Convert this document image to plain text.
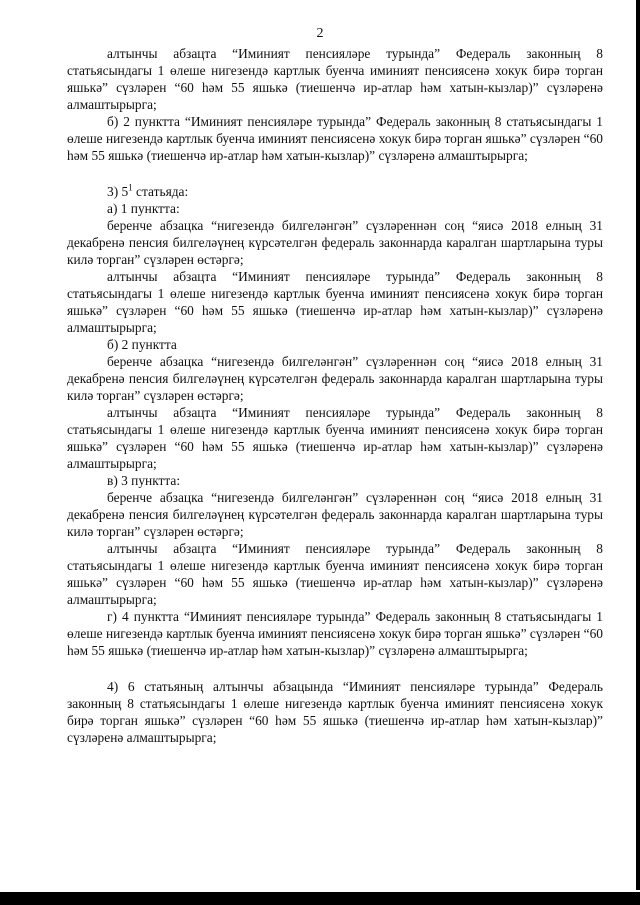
2

алтынчы абзацта “Иминият пенсияләре турында” Федераль законның 8 статьясындагы 1 өлеше нигезендә картлык буенча иминият пенсиясенә хокук бирә торган яшькә” сүзләрен “60 һәм 55 яшькә (тиешенчә ир-атлар һәм хатын-кызлар)” сүзләренә алмаштырырга;

б) 2 пунктта “Иминият пенсияләре турында” Федераль законның 8 статьясындагы 1 өлеше нигезендә картлык буенча иминият пенсиясенә хокук бирә торган яшькә” сүзләрен “60 һәм 55 яшькә (тиешенчә ир-атлар һәм хатын-кызлар)” сүзләренә алмаштырырга;

3) $5^1$ статьяда:

а) 1 пунктта:

беренче абзацка “нигезендә билгеләнгән” сүзләреннән соң “яисә 2018 елның 31 декабренә пенсия билгеләүнең күрсәтелгән федераль законнарда каралган шартларына туры килә торган” сүзләрен өстәргә;

алтынчы абзацта “Иминият пенсияләре турында” Федераль законның 8 статьясындагы 1 өлеше нигезендә картлык буенча иминият пенсиясенә хокук бирә торган яшькә” сүзләрен “60 һәм 55 яшькә (тиешенчә ир-атлар һәм хатын-кызлар)” сүзләренә алмаштырырга;

б) 2 пунктта

беренче абзацка “нигезендә билгеләнгән” сүзләреннән соң “яисә 2018 елның 31 декабренә пенсия билгеләүнең күрсәтелгән федераль законнарда каралган шартларына туры килә торган” сүзләрен өстәргә;

алтынчы абзацта “Иминият пенсияләре турында” Федераль законның 8 статьясындагы 1 өлеше нигезендә картлык буенча иминият пенсиясенә хокук бирә торган яшькә” сүзләрен “60 һәм 55 яшькә (тиешенчә ир-атлар һәм хатын-кызлар)” сүзләренә алмаштырырга;

в) 3 пунктта:

беренче абзацка “нигезендә билгеләнгән” сүзләреннән соң “яисә 2018 елның 31 декабренә пенсия билгеләүнең күрсәтелгән федераль законнарда каралган шартларына туры килә торган” сүзләрен өстәргә;

алтынчы абзацта “Иминият пенсияләре турында” Федераль законның 8 статьясындагы 1 өлеше нигезендә картлык буенча иминият пенсиясенә хокук бирә торган яшькә” сүзләрен “60 һәм 55 яшькә (тиешенчә ир-атлар һәм хатын-кызлар)” сүзләренә алмаштырырга;

г) 4 пунктта “Иминият пенсияләре турында” Федераль законның 8 статьясындагы 1 өлеше нигезендә картлык буенча иминият пенсиясенә хокук бирә торган яшькә” сүзләрен “60 һәм 55 яшькә (тиешенчә ир-атлар һәм хатын-кызлар)” сүзләренә алмаштырырга;

4) 6 статьяның алтынчы абзацында “Иминият пенсияләре турында” Федераль законның 8 статьясындагы 1 өлеше нигезендә картлык буенча иминият пенсиясенә хокук бирә торган яшькә” сүзләрен “60 һәм 55 яшькә (тиешенчә ир-атлар һәм хатын-кызлар)” сүзләренә алмаштырырга;
